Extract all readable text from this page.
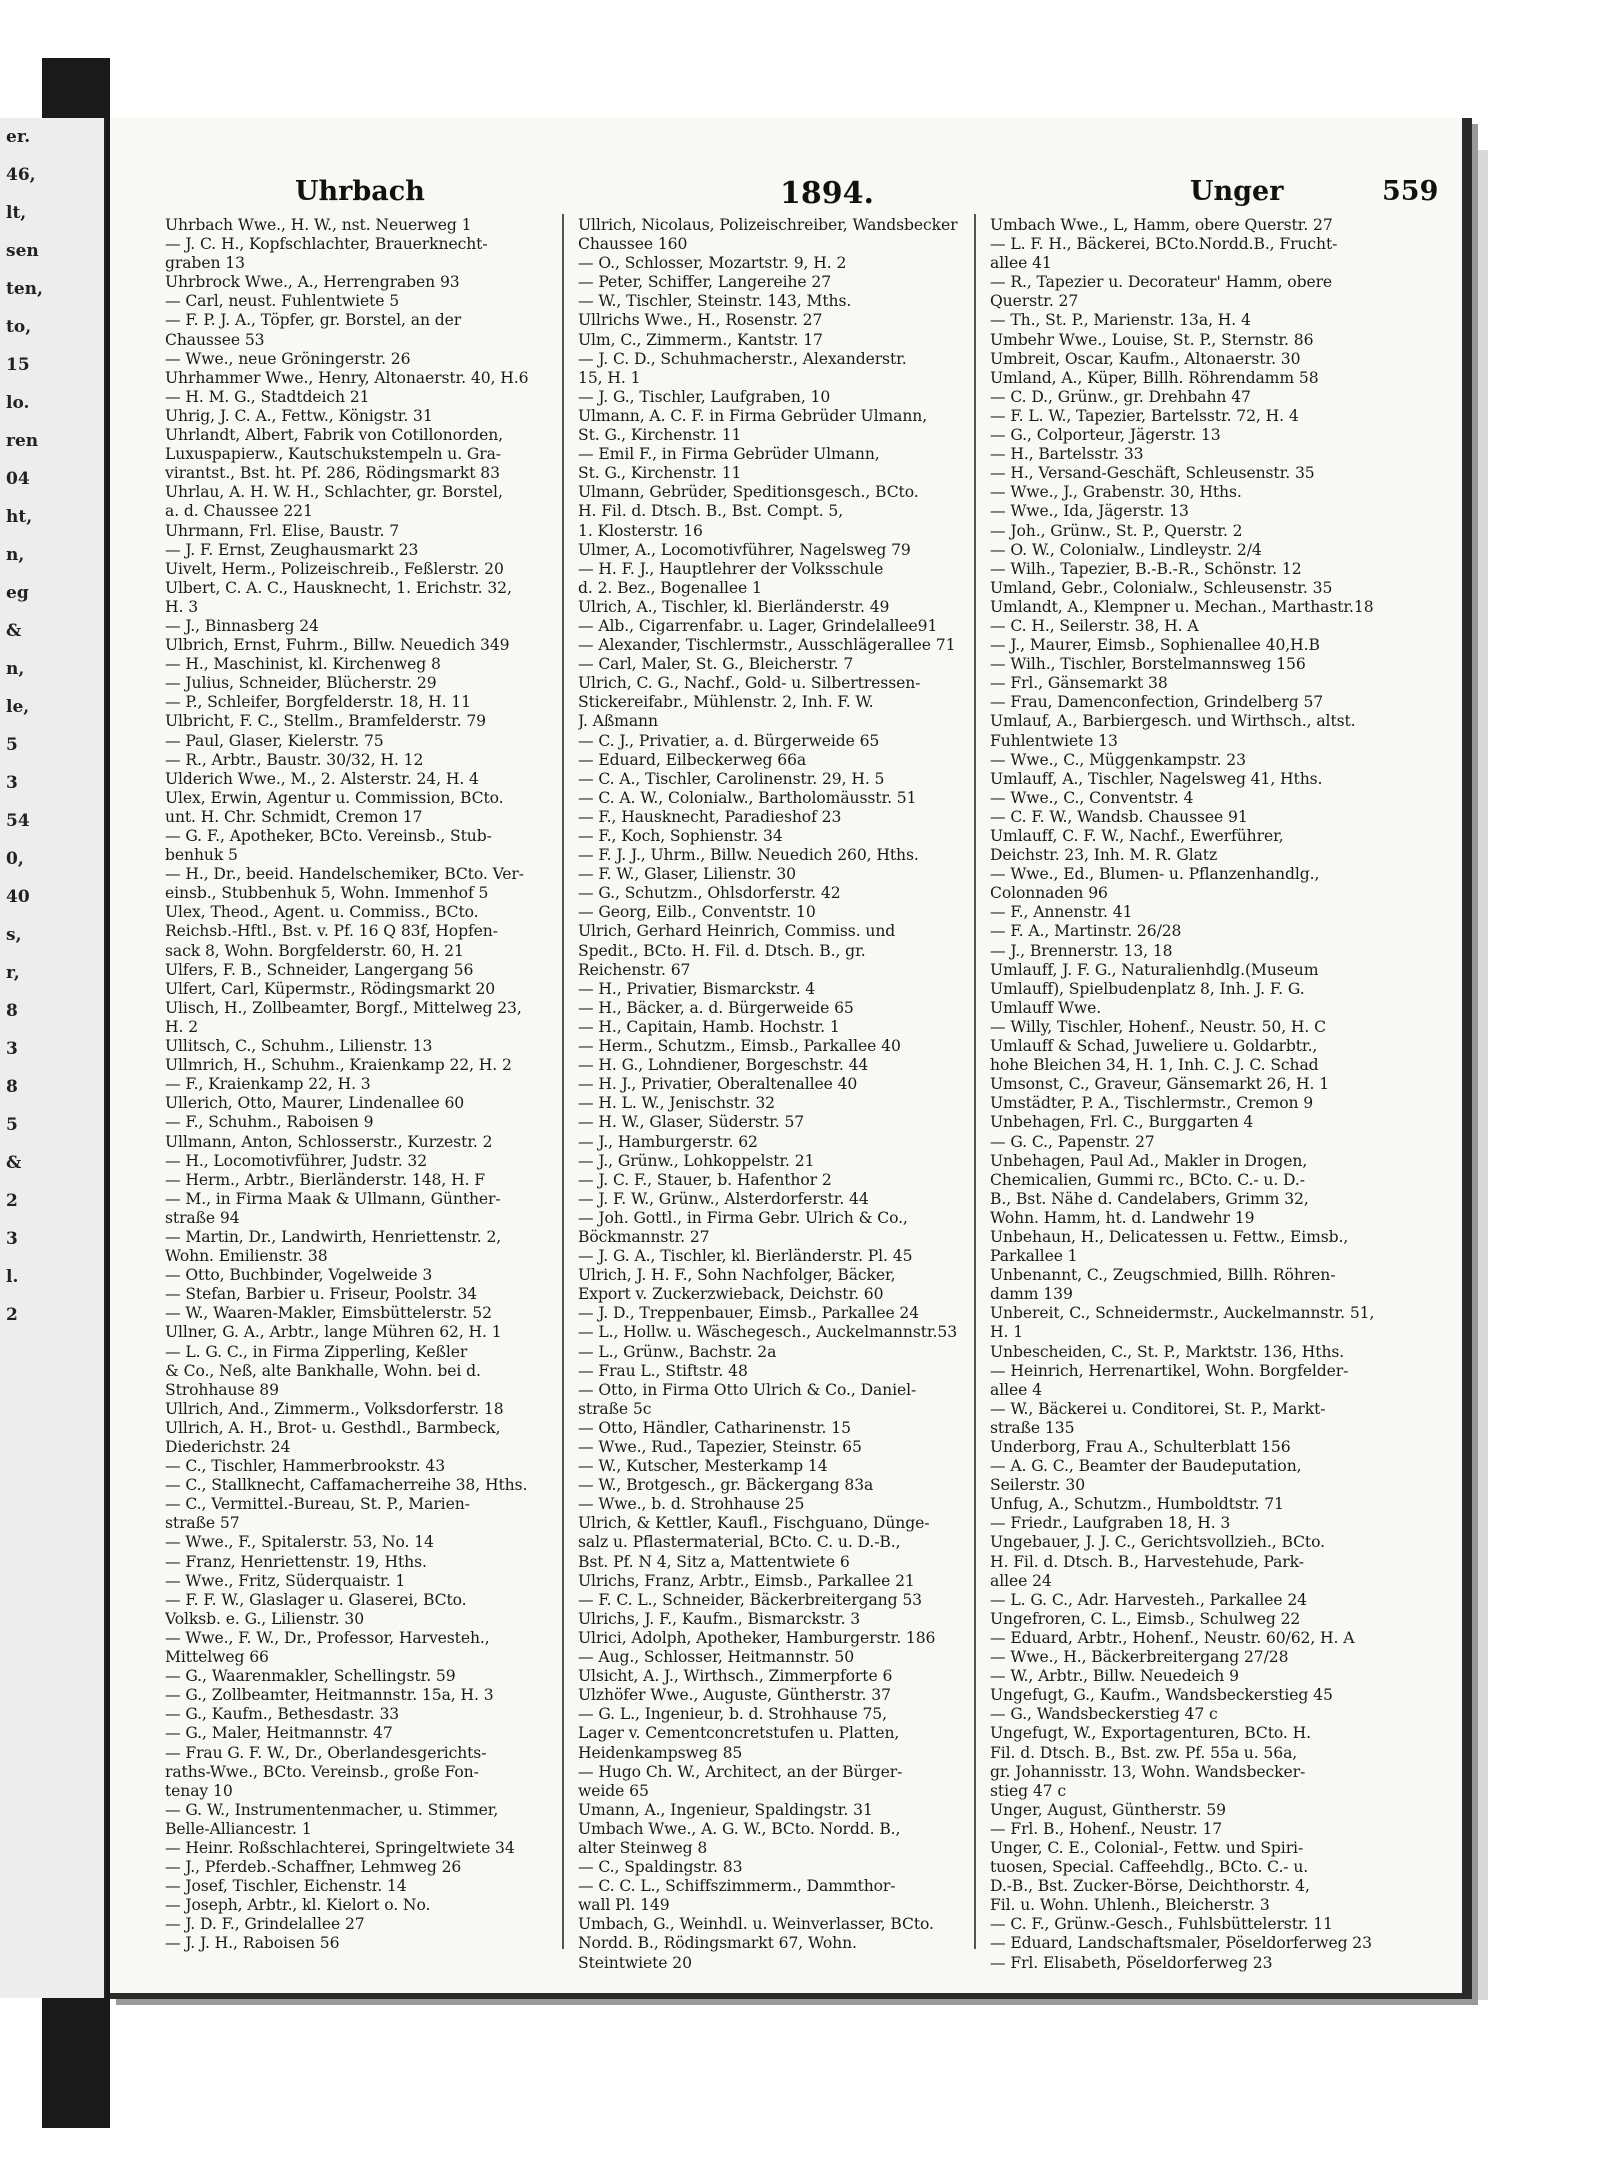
er.
46,
lt,
sen
ten,
to,
15
lo.
ren
04
ht,
n,
eg
&
n,
le,
5
3
54
0,
40
s,
r,
8
3
8
5
&
2
3
l.
2
Uhrbach	1894.	Unger	559
Uhrbach Wwe., H. W., nst. Neuerweg 1
— J. C. H., Kopfschlachter, Brauerknecht-
graben 13
Uhrbrock Wwe., A., Herrengraben 93
— Carl, neust. Fuhlentwiete 5
— F. P. J. A., Töpfer, gr. Borstel, an der
Chaussee 53
— Wwe., neue Gröningerstr. 26
Uhrhammer Wwe., Henry, Altonaerstr. 40, H.6
— H. M. G., Stadtdeich 21
Uhrig, J. C. A., Fettw., Königstr. 31
Uhrlandt, Albert, Fabrik von Cotillonorden,
Luxuspapierw., Kautschukstempeln u. Gra-
virantst., Bst. ht. Pf. 286, Rödingsmarkt 83
Uhrlau, A. H. W. H., Schlachter, gr. Borstel,
a. d. Chaussee 221
Uhrmann, Frl. Elise, Baustr. 7
— J. F. Ernst, Zeughausmarkt 23
Uivelt, Herm., Polizeischreib., Feßlerstr. 20
Ulbert, C. A. C., Hausknecht, 1. Erichstr. 32,
H. 3
— J., Binnasberg 24
Ulbrich, Ernst, Fuhrm., Billw. Neuedich 349
— H., Maschinist, kl. Kirchenweg 8
— Julius, Schneider, Blücherstr. 29
— P., Schleifer, Borgfelderstr. 18, H. 11
Ulbricht, F. C., Stellm., Bramfelderstr. 79
— Paul, Glaser, Kielerstr. 75
— R., Arbtr., Baustr. 30/32, H. 12
Ulderich Wwe., M., 2. Alsterstr. 24, H. 4
Ulex, Erwin, Agentur u. Commission, BCto.
unt. H. Chr. Schmidt, Cremon 17
— G. F., Apotheker, BCto. Vereinsb., Stub-
benhuk 5
— H., Dr., beeid. Handelschemiker, BCto. Ver-
einsb., Stubbenhuk 5, Wohn. Immenhof 5
Ulex, Theod., Agent. u. Commiss., BCto.
Reichsb.-Hftl., Bst. v. Pf. 16 Q 83f, Hopfen-
sack 8, Wohn. Borgfelderstr. 60, H. 21
Ulfers, F. B., Schneider, Langergang 56
Ulfert, Carl, Küpermstr., Rödingsmarkt 20
Ulisch, H., Zollbeamter, Borgf., Mittelweg 23,
H. 2
Ullitsch, C., Schuhm., Lilienstr. 13
Ullmrich, H., Schuhm., Kraienkamp 22, H. 2
— F., Kraienkamp 22, H. 3
Ullerich, Otto, Maurer, Lindenallee 60
— F., Schuhm., Raboisen 9
Ullmann, Anton, Schlosserstr., Kurzestr. 2
— H., Locomotivführer, Judstr. 32
— Herm., Arbtr., Bierländerstr. 148, H. F
— M., in Firma Maak & Ullmann, Günther-
straße 94
— Martin, Dr., Landwirth, Henriettenstr. 2,
Wohn. Emilienstr. 38
— Otto, Buchbinder, Vogelweide 3
— Stefan, Barbier u. Friseur, Poolstr. 34
— W., Waaren-Makler, Eimsbüttelerstr. 52
Ullner, G. A., Arbtr., lange Mühren 62, H. 1
— L. G. C., in Firma Zipperling, Keßler
& Co., Neß, alte Bankhalle, Wohn. bei d.
Strohhause 89
Ullrich, And., Zimmerm., Volksdorferstr. 18
Ullrich, A. H., Brot- u. Gesthdl., Barmbeck,
Diederichstr. 24
— C., Tischler, Hammerbrookstr. 43
— C., Stallknecht, Caffamacherreihe 38, Hths.
— C., Vermittel.-Bureau, St. P., Marien-
straße 57
— Wwe., F., Spitalerstr. 53, No. 14
— Franz, Henriettenstr. 19, Hths.
— Wwe., Fritz, Süderquaistr. 1
— F. F. W., Glaslager u. Glaserei, BCto.
Volksb. e. G., Lilienstr. 30
— Wwe., F. W., Dr., Professor, Harvesteh.,
Mittelweg 66
— G., Waarenmakler, Schellingstr. 59
— G., Zollbeamter, Heitmannstr. 15a, H. 3
— G., Kaufm., Bethesdastr. 33
— G., Maler, Heitmannstr. 47
— Frau G. F. W., Dr., Oberlandesgerichts-
raths-Wwe., BCto. Vereinsb., große Fon-
tenay 10
— G. W., Instrumentenmacher, u. Stimmer,
Belle-Alliancestr. 1
— Heinr. Roßschlachterei, Springeltwiete 34
— J., Pferdeb.-Schaffner, Lehmweg 26
— Josef, Tischler, Eichenstr. 14
— Joseph, Arbtr., kl. Kielort o. No.
— J. D. F., Grindelallee 27
— J. J. H., Raboisen 56
Ullrich, Nicolaus, Polizeischreiber, Wandsbecker
Chaussee 160
— O., Schlosser, Mozartstr. 9, H. 2
— Peter, Schiffer, Langereihe 27
— W., Tischler, Steinstr. 143, Mths.
Ullrichs Wwe., H., Rosenstr. 27
Ulm, C., Zimmerm., Kantstr. 17
— J. C. D., Schuhmacherstr., Alexanderstr.
15, H. 1
— J. G., Tischler, Laufgraben, 10
Ulmann, A. C. F. in Firma Gebrüder Ulmann,
St. G., Kirchenstr. 11
— Emil F., in Firma Gebrüder Ulmann,
St. G., Kirchenstr. 11
Ulmann, Gebrüder, Speditionsgesch., BCto.
H. Fil. d. Dtsch. B., Bst. Compt. 5,
1. Klosterstr. 16
Ulmer, A., Locomotivführer, Nagelsweg 79
— H. F. J., Hauptlehrer der Volksschule
d. 2. Bez., Bogenallee 1
Ulrich, A., Tischler, kl. Bierländerstr. 49
— Alb., Cigarrenfabr. u. Lager, Grindelallee91
— Alexander, Tischlermstr., Ausschlägerallee 71
— Carl, Maler, St. G., Bleicherstr. 7
Ulrich, C. G., Nachf., Gold- u. Silbertressen-
Stickereifabr., Mühlenstr. 2, Inh. F. W.
J. Aßmann
— C. J., Privatier, a. d. Bürgerweide 65
— Eduard, Eilbeckerweg 66a
— C. A., Tischler, Carolinenstr. 29, H. 5
— C. A. W., Colonialw., Bartholomäusstr. 51
— F., Hausknecht, Paradieshof 23
— F., Koch, Sophienstr. 34
— F. J. J., Uhrm., Billw. Neuedich 260, Hths.
— F. W., Glaser, Lilienstr. 30
— G., Schutzm., Ohlsdorferstr. 42
— Georg, Eilb., Conventstr. 10
Ulrich, Gerhard Heinrich, Commiss. und
Spedit., BCto. H. Fil. d. Dtsch. B., gr.
Reichenstr. 67
— H., Privatier, Bismarckstr. 4
— H., Bäcker, a. d. Bürgerweide 65
— H., Capitain, Hamb. Hochstr. 1
— Herm., Schutzm., Eimsb., Parkallee 40
— H. G., Lohndiener, Borgeschstr. 44
— H. J., Privatier, Oberaltenallee 40
— H. L. W., Jenischstr. 32
— H. W., Glaser, Süderstr. 57
— J., Hamburgerstr. 62
— J., Grünw., Lohkoppelstr. 21
— J. C. F., Stauer, b. Hafenthor 2
— J. F. W., Grünw., Alsterdorferstr. 44
— Joh. Gottl., in Firma Gebr. Ulrich & Co.,
Böckmannstr. 27
— J. G. A., Tischler, kl. Bierländerstr. Pl. 45
Ulrich, J. H. F., Sohn Nachfolger, Bäcker,
Export v. Zuckerzwieback, Deichstr. 60
— J. D., Treppenbauer, Eimsb., Parkallee 24
— L., Hollw. u. Wäschegesch., Auckelmannstr.53
— L., Grünw., Bachstr. 2a
— Frau L., Stiftstr. 48
— Otto, in Firma Otto Ulrich & Co., Daniel-
straße 5c
— Otto, Händler, Catharinenstr. 15
— Wwe., Rud., Tapezier, Steinstr. 65
— W., Kutscher, Mesterkamp 14
— W., Brotgesch., gr. Bäckergang 83a
— Wwe., b. d. Strohhause 25
Ulrich, & Kettler, Kaufl., Fischguano, Dünge-
salz u. Pflastermaterial, BCto. C. u. D.-B.,
Bst. Pf. N 4, Sitz a, Mattentwiete 6
Ulrichs, Franz, Arbtr., Eimsb., Parkallee 21
— F. C. L., Schneider, Bäckerbreitergang 53
Ulrichs, J. F., Kaufm., Bismarckstr. 3
Ulrici, Adolph, Apotheker, Hamburgerstr. 186
— Aug., Schlosser, Heitmannstr. 50
Ulsicht, A. J., Wirthsch., Zimmerpforte 6
Ulzhöfer Wwe., Auguste, Güntherstr. 37
— G. L., Ingenieur, b. d. Strohhause 75,
Lager v. Cementconcretstufen u. Platten,
Heidenkampsweg 85
— Hugo Ch. W., Architect, an der Bürger-
weide 65
Umann, A., Ingenieur, Spaldingstr. 31
Umbach Wwe., A. G. W., BCto. Nordd. B.,
alter Steinweg 8
— C., Spaldingstr. 83
— C. C. L., Schiffszimmerm., Dammthor-
wall Pl. 149
Umbach, G., Weinhdl. u. Weinverlasser, BCto.
Nordd. B., Rödingsmarkt 67, Wohn.
Steintwiete 20
Umbach Wwe., L, Hamm, obere Querstr. 27
— L. F. H., Bäckerei, BCto.Nordd.B., Frucht-
allee 41
— R., Tapezier u. Decorateur' Hamm, obere
Querstr. 27
— Th., St. P., Marienstr. 13a, H. 4
Umbehr Wwe., Louise, St. P., Sternstr. 86
Umbreit, Oscar, Kaufm., Altonaerstr. 30
Umland, A., Küper, Billh. Röhrendamm 58
— C. D., Grünw., gr. Drehbahn 47
— F. L. W., Tapezier, Bartelsstr. 72, H. 4
— G., Colporteur, Jägerstr. 13
— H., Bartelsstr. 33
— H., Versand-Geschäft, Schleusenstr. 35
— Wwe., J., Grabenstr. 30, Hths.
— Wwe., Ida, Jägerstr. 13
— Joh., Grünw., St. P., Querstr. 2
— O. W., Colonialw., Lindleystr. 2/4
— Wilh., Tapezier, B.-B.-R., Schönstr. 12
Umland, Gebr., Colonialw., Schleusenstr. 35
Umlandt, A., Klempner u. Mechan., Marthastr.18
— C. H., Seilerstr. 38, H. A
— J., Maurer, Eimsb., Sophienallee 40,H.B
— Wilh., Tischler, Borstelmannsweg 156
— Frl., Gänsemarkt 38
— Frau, Damenconfection, Grindelberg 57
Umlauf, A., Barbiergesch. und Wirthsch., altst.
Fuhlentwiete 13
— Wwe., C., Müggenkampstr. 23
Umlauff, A., Tischler, Nagelsweg 41, Hths.
— Wwe., C., Conventstr. 4
— C. F. W., Wandsb. Chaussee 91
Umlauff, C. F. W., Nachf., Ewerführer,
Deichstr. 23, Inh. M. R. Glatz
— Wwe., Ed., Blumen- u. Pflanzenhandlg.,
Colonnaden 96
— F., Annenstr. 41
— F. A., Martinstr. 26/28
— J., Brennerstr. 13, 18
Umlauff, J. F. G., Naturalienhdlg.(Museum
Umlauff), Spielbudenplatz 8, Inh. J. F. G.
Umlauff Wwe.
— Willy, Tischler, Hohenf., Neustr. 50, H. C
Umlauff & Schad, Juweliere u. Goldarbtr.,
hohe Bleichen 34, H. 1, Inh. C. J. C. Schad
Umsonst, C., Graveur, Gänsemarkt 26, H. 1
Umstädter, P. A., Tischlermstr., Cremon 9
Unbehagen, Frl. C., Burggarten 4
— G. C., Papenstr. 27
Unbehagen, Paul Ad., Makler in Drogen,
Chemicalien, Gummi rc., BCto. C.- u. D.-
B., Bst. Nähe d. Candelabers, Grimm 32,
Wohn. Hamm, ht. d. Landwehr 19
Unbehaun, H., Delicatessen u. Fettw., Eimsb.,
Parkallee 1
Unbenannt, C., Zeugschmied, Billh. Röhren-
damm 139
Unbereit, C., Schneidermstr., Auckelmannstr. 51,
H. 1
Unbescheiden, C., St. P., Marktstr. 136, Hths.
— Heinrich, Herrenartikel, Wohn. Borgfelder-
allee 4
— W., Bäckerei u. Conditorei, St. P., Markt-
straße 135
Underborg, Frau A., Schulterblatt 156
— A. G. C., Beamter der Baudeputation,
Seilerstr. 30
Unfug, A., Schutzm., Humboldtstr. 71
— Friedr., Laufgraben 18, H. 3
Ungebauer, J. J. C., Gerichtsvollzieh., BCto.
H. Fil. d. Dtsch. B., Harvestehude, Park-
allee 24
— L. G. C., Adr. Harvesteh., Parkallee 24
Ungefroren, C. L., Eimsb., Schulweg 22
— Eduard, Arbtr., Hohenf., Neustr. 60/62, H. A
— Wwe., H., Bäckerbreitergang 27/28
— W., Arbtr., Billw. Neuedeich 9
Ungefugt, G., Kaufm., Wandsbeckerstieg 45
— G., Wandsbeckerstieg 47 c
Ungefugt, W., Exportagenturen, BCto. H.
Fil. d. Dtsch. B., Bst. zw. Pf. 55a u. 56a,
gr. Johannisstr. 13, Wohn. Wandsbecker-
stieg 47 c
Unger, August, Güntherstr. 59
— Frl. B., Hohenf., Neustr. 17
Unger, C. E., Colonial-, Fettw. und Spiri-
tuosen, Special. Caffeehdlg., BCto. C.- u.
D.-B., Bst. Zucker-Börse, Deichthorstr. 4,
Fil. u. Wohn. Uhlenh., Bleicherstr. 3
— C. F., Grünw.-Gesch., Fuhlsbüttelerstr. 11
— Eduard, Landschaftsmaler, Pöseldorferweg 23
— Frl. Elisabeth, Pöseldorferweg 23
